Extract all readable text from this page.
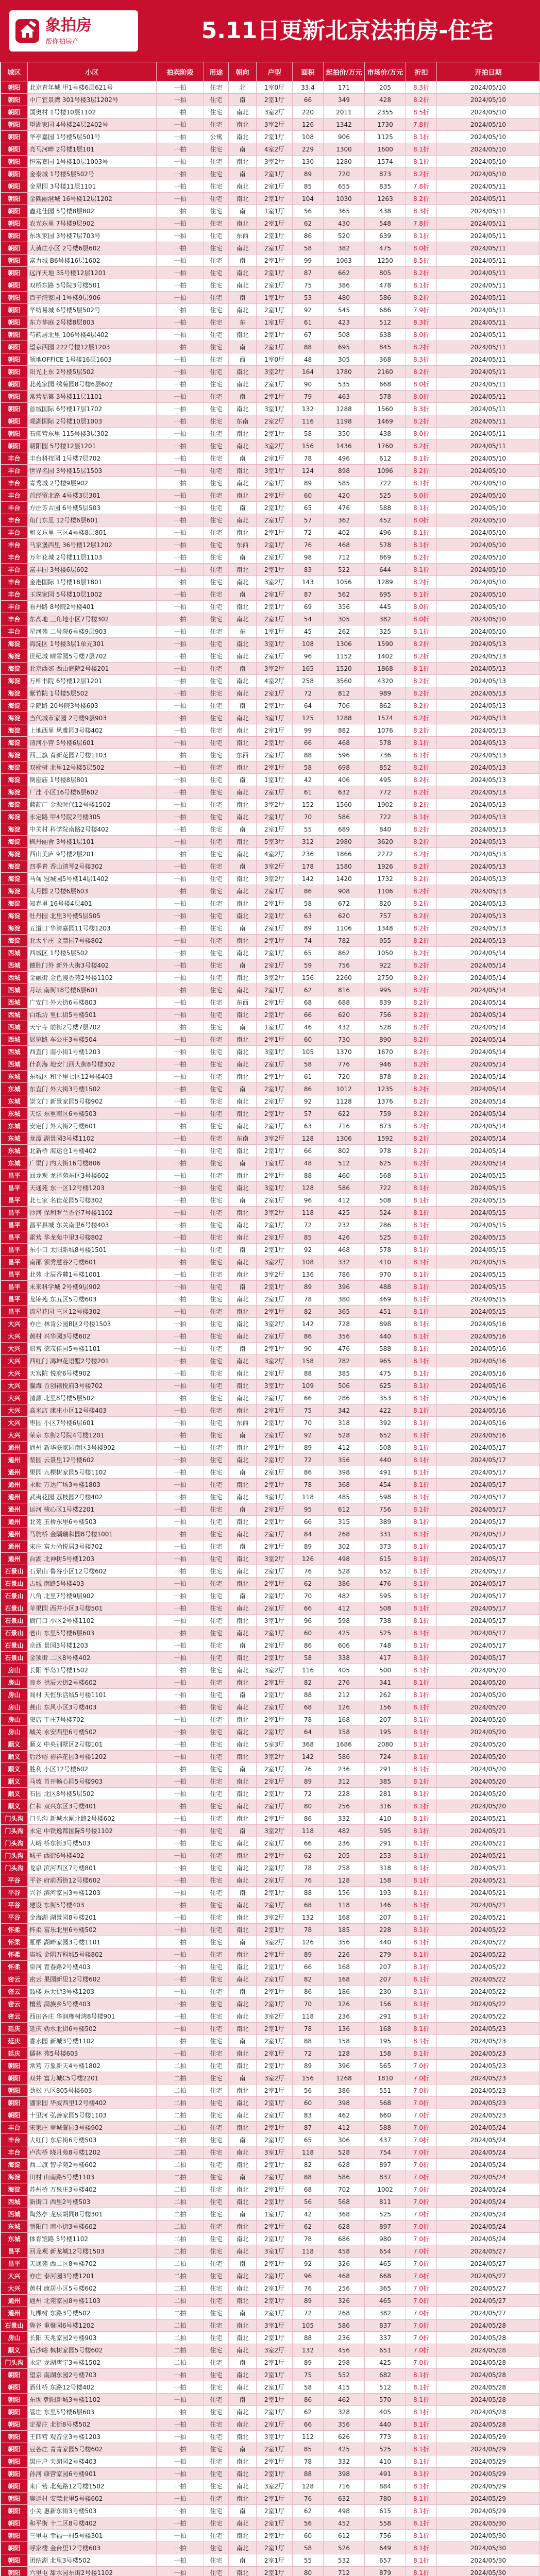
象拍房
帮你拍房产	5.11日更新北京法拍房-住宅
城区	小区	拍卖阶段	用途	朝向	户型	面积	起拍价/万元	市场价/万元	折扣	开拍日期
朝阳	北京青年城 甲1号楼6层621号	一拍	住宅	北	1室0厅	33.4	171	205	8.3折	2024/05/10
朝阳	中广宜景湾 301号楼3层1202号	一拍	住宅	南	2室1厅	66	349	428	8.2折	2024/05/10
朝阳	国奥村 1号楼10层1102	一拍	住宅	南北	3室2厅	220	2011	2355	8.5折	2024/05/10
朝阳	望湖家园 4号楼24层2402号	一拍	住宅	南北	3室2厅	126	1342	1730	7.8折	2024/05/10
朝阳	华亭嘉园 1号楼5层501号	一拍	公寓	南北	2室1厅	108	906	1125	8.1折	2024/05/10
朝阳	亮马河畔 2号楼1层101	一拍	住宅	南	4室2厅	229	1300	1600	8.1折	2024/05/10
朝阳	恒富嘉园 1号楼10层1003号	一拍	住宅	南北	3室2厅	130	1280	1574	8.1折	2024/05/10
朝阳	金泰城 1号楼5层502号	一拍	住宅	南	2室1厅	89	720	873	8.2折	2024/05/10
朝阳	金星园 3号楼11层1101	一拍	住宅	南北	2室1厅	85	655	835	7.8折	2024/05/11
朝阳	金隅丽港城 16号楼12层1202	一拍	住宅	南北	2室1厅	104	1030	1263	8.2折	2024/05/11
朝阳	鑫兆佳园 5号楼8层802	一拍	住宅	南	1室1厅	56	365	438	8.3折	2024/05/11
朝阳	农光东里 7号楼9层902	一拍	住宅	南北	2室1厅	62	430	548	7.8折	2024/05/11
朝阳	东坝家园 3号楼7层703号	一拍	住宅	东西	2室1厅	86	520	639	8.1折	2024/05/11
朝阳	大黄庄小区 2号楼6层602	一拍	住宅	南北	2室1厅	58	382	475	8.0折	2024/05/11
朝阳	富力城 B6号楼16层1602	一拍	住宅	南	2室1厅	99	1063	1250	8.5折	2024/05/11
朝阳	远洋天地 35号楼12层1201	一拍	住宅	南北	2室1厅	87	662	805	8.2折	2024/05/11
朝阳	双桥东路 5号院3号楼501	一拍	住宅	南北	2室1厅	75	386	478	8.1折	2024/05/11
朝阳	百子湾家园 1号楼9层906	一拍	住宅	南	1室1厅	53	480	586	8.2折	2024/05/11
朝阳	华纺易城 6号楼5层502号	一拍	住宅	南北	2室1厅	92	545	686	7.9折	2024/05/11
朝阳	东方华庭 2号楼8层803	一拍	住宅	东	1室1厅	61	423	512	8.3折	2024/05/11
朝阳	芍药居北里 106号楼4层402	一拍	住宅	南北	2室1厅	67	508	638	8.0折	2024/05/11
朝阳	望京西园 222号楼12层1203	一拍	住宅	南	2室1厅	88	695	845	8.2折	2024/05/11
朝阳	领地OFFICE 1号楼16层1603	一拍	住宅	西	1室0厅	48	305	368	8.3折	2024/05/11
朝阳	阳光上东 2号楼5层502	一拍	住宅	南北	3室2厅	164	1780	2160	8.2折	2024/05/11
朝阳	北苑家园 绣菊园8号楼6层602	一拍	住宅	南北	2室1厅	90	535	668	8.0折	2024/05/11
朝阳	常营福第 3号楼11层1101	一拍	住宅	南	2室1厅	79	463	578	8.0折	2024/05/11
朝阳	首城国际 6号楼17层1702	一拍	住宅	南北	3室1厅	132	1288	1560	8.3折	2024/05/11
朝阳	观湖国际 2号楼10层1003	一拍	住宅	东南	2室2厅	116	1198	1469	8.2折	2024/05/11
朝阳	石佛营东里 115号楼3层302	一拍	住宅	南北	2室1厅	58	350	438	8.0折	2024/05/11
朝阳	朝阳园 5号楼12层1201	一拍	住宅	南北	3室2厅	156	1436	1760	8.2折	2024/05/11
丰台	丰台科技园 1号楼7层702	一拍	住宅	南	2室1厅	78	496	612	8.1折	2024/05/10
丰台	世界名园 3号楼15层1503	一拍	住宅	南北	3室1厅	124	898	1096	8.2折	2024/05/10
丰台	青秀城 2号楼9层902	一拍	住宅	南北	2室1厅	89	585	722	8.1折	2024/05/10
丰台	首经贸北路 4号楼3层301	一拍	住宅	南北	2室1厅	60	420	525	8.0折	2024/05/10
丰台	方庄芳古园 6号楼5层503	一拍	住宅	南	2室1厅	65	476	588	8.1折	2024/05/10
丰台	角门东里 12号楼6层601	一拍	住宅	南北	2室1厅	57	362	452	8.0折	2024/05/10
丰台	和义东里 三区4号楼8层801	一拍	住宅	南北	2室1厅	72	402	496	8.1折	2024/05/10
丰台	马家堡西里 36号楼12层1202	一拍	住宅	东西	2室1厅	76	468	578	8.1折	2024/05/10
丰台	万年花城 2号楼11层1103	一拍	住宅	南	2室1厅	98	712	869	8.2折	2024/05/10
丰台	富丰园 3号楼6层602	一拍	住宅	南北	2室1厅	83	522	644	8.1折	2024/05/10
丰台	金港国际 1号楼18层1801	一拍	住宅	南北	3室2厅	143	1056	1289	8.2折	2024/05/10
丰台	玉璞家园 5号楼10层1002	一拍	住宅	南	2室1厅	87	562	695	8.1折	2024/05/10
丰台	看丹路 8号院2号楼401	一拍	住宅	南北	2室1厅	69	356	445	8.0折	2024/05/10
丰台	东高地 三角地小区7号楼302	一拍	住宅	南北	2室1厅	54	305	382	8.0折	2024/05/10
丰台	星河苑 二号院6号楼9层903	一拍	住宅	东	1室1厅	45	262	325	8.1折	2024/05/10
海淀	海淀区 1号楼3层1单元301	一拍	住宅	南北	3室1厅	108	1306	1590	8.2折	2024/05/13
海淀	世纪城 晴雪园5号楼7层702	一拍	住宅	南北	2室1厅	96	1152	1402	8.2折	2024/05/13
海淀	北京西郊 西山庭院2号楼201	一拍	住宅	南	3室2厅	165	1520	1868	8.1折	2024/05/13
海淀	万柳书院 6号楼12层1201	一拍	住宅	南北	4室2厅	258	3560	4320	8.2折	2024/05/13
海淀	紫竹院 1号楼5层502	一拍	住宅	南北	2室1厅	72	812	989	8.2折	2024/05/13
海淀	学院路 20号院3号楼603	一拍	住宅	南	2室1厅	64	706	862	8.2折	2024/05/13
海淀	当代城市家园 2号楼9层903	一拍	住宅	南北	3室1厅	125	1288	1574	8.2折	2024/05/13
海淀	上地西里 风雅园3号楼402	一拍	住宅	南北	2室1厅	99	882	1076	8.2折	2024/05/13
海淀	清河小营 5号楼6层601	一拍	住宅	南北	2室1厅	66	468	578	8.1折	2024/05/13
海淀	西三旗 育新花园7号楼1103	一拍	住宅	东西	2室1厅	88	596	736	8.1折	2024/05/13
海淀	双榆树 北里12号楼5层502	一拍	住宅	南北	2室1厅	58	698	852	8.2折	2024/05/13
海淀	倒座庙 1号楼8层801	一拍	住宅	南	1室1厅	42	406	495	8.2折	2024/05/13
海淀	厂洼 小区16号楼6层602	一拍	住宅	南北	2室1厅	61	632	772	8.2折	2024/05/13
海淀	蓝靛厂 金源时代12号楼1502	一拍	住宅	南北	3室2厅	152	1560	1902	8.2折	2024/05/13
海淀	永定路 甲4号院2号楼305	一拍	住宅	南北	2室1厅	70	586	722	8.1折	2024/05/13
海淀	中关村 科学院南路2号楼402	一拍	住宅	南	2室1厅	55	689	840	8.2折	2024/05/13
海淀	枫丹丽舍 3号楼1层101	一拍	住宅	南北	5室3厅	312	2980	3620	8.2折	2024/05/13
海淀	西山美庐 9号楼2层201	一拍	住宅	南北	4室2厅	236	1866	2272	8.2折	2024/05/13
海淀	四季青 香山清琴2号楼302	一拍	住宅	南	3室2厅	178	1580	1926	8.2折	2024/05/13
海淀	马甸 冠城园5号楼14层1402	一拍	住宅	南北	3室2厅	142	1420	1732	8.2折	2024/05/13
海淀	太月园 2号楼6层603	一拍	住宅	南北	2室1厅	86	908	1106	8.2折	2024/05/13
海淀	知春里 16号楼4层401	一拍	住宅	南北	2室1厅	58	672	820	8.2折	2024/05/13
海淀	牡丹园 北里3号楼5层505	一拍	住宅	南北	2室1厅	63	620	757	8.2折	2024/05/13
海淀	五道口 华清嘉园11号楼1203	一拍	住宅	南	2室1厅	89	1106	1348	8.2折	2024/05/13
海淀	北太平庄 文慧园7号楼802	一拍	住宅	南北	2室1厅	74	782	955	8.2折	2024/05/13
西城	西城区 1号楼5层502	一拍	住宅	南北	2室1厅	65	862	1050	8.2折	2024/05/14
西城	德胜门外 新外大街3号楼402	一拍	住宅	南	2室1厅	59	756	922	8.2折	2024/05/14
西城	金融街 金色漫香苑2号楼1102	一拍	住宅	南北	3室2厅	156	2260	2750	8.2折	2024/05/14
西城	月坛 南街18号楼6层601	一拍	住宅	南北	2室1厅	62	816	995	8.2折	2024/05/14
西城	广安门 外大街6号楼803	一拍	住宅	东西	2室1厅	68	688	839	8.2折	2024/05/14
西城	白纸坊 里仁街5号楼501	一拍	住宅	南北	2室1厅	66	620	756	8.2折	2024/05/14
西城	天宁寺 前街2号楼7层702	一拍	住宅	南	1室1厅	46	432	528	8.2折	2024/05/14
西城	展览路 车公庄3号楼504	一拍	住宅	南北	2室1厅	60	730	890	8.2折	2024/05/14
西城	西直门 南小街1号楼1203	一拍	住宅	南北	3室1厅	105	1370	1670	8.2折	2024/05/14
西城	什刹海 地安门西大街8号楼302	一拍	住宅	南北	2室1厅	58	776	946	8.2折	2024/05/14
东城	东城区 和平里七区12号楼403	一拍	住宅	南北	2室1厅	61	720	878	8.2折	2024/05/14
东城	东直门 外大街3号楼1502	一拍	住宅	南	2室1厅	86	1012	1235	8.2折	2024/05/14
东城	崇文门 新景家园5号楼902	一拍	住宅	南北	2室1厅	92	1128	1376	8.2折	2024/05/14
东城	天坛 东里南区6号楼503	一拍	住宅	南北	2室1厅	57	622	759	8.2折	2024/05/14
东城	安定门 外大街2号楼601	一拍	住宅	南北	2室1厅	63	716	873	8.2折	2024/05/14
东城	龙潭 湖景园3号楼1102	一拍	住宅	东南	3室2厅	128	1306	1592	8.2折	2024/05/14
东城	北新桥 海运仓1号楼402	一拍	住宅	南北	2室1厅	66	802	978	8.2折	2024/05/14
东城	广渠门 内大街16号楼806	一拍	住宅	南	1室1厅	48	512	625	8.2折	2024/05/14
昌平	回龙观 龙泽苑东区3号楼602	一拍	住宅	南北	2室1厅	88	460	568	8.1折	2024/05/15
昌平	天通苑 东一区12号楼1203	一拍	住宅	南北	3室1厅	128	586	722	8.1折	2024/05/15
昌平	北七家 名佳花园5号楼302	一拍	住宅	南	2室1厅	96	412	508	8.1折	2024/05/15
昌平	沙河 保利罗兰香谷7号楼1102	一拍	住宅	南北	3室2厅	118	425	524	8.1折	2024/05/15
昌平	昌平县城 东关南里6号楼403	一拍	住宅	南北	2室1厅	72	232	286	8.1折	2024/05/15
昌平	霍营 华龙苑中里3号楼802	一拍	住宅	南北	2室1厅	85	426	525	8.1折	2024/05/15
昌平	东小口 太阳新城8号楼1501	一拍	住宅	南	2室1厅	92	468	578	8.1折	2024/05/15
昌平	南邵 领秀慧谷2号楼601	一拍	住宅	南北	3室2厅	108	332	410	8.1折	2024/05/15
昌平	北苑 北辰香麓1号楼1001	一拍	住宅	南北	3室2厅	136	786	970	8.1折	2024/05/15
昌平	未来科学城 2号楼9层902	一拍	住宅	南	2室1厅	89	396	488	8.1折	2024/05/15
昌平	龙锦苑 东五区5号楼603	一拍	住宅	南北	2室1厅	78	380	469	8.1折	2024/05/15
昌平	流星花园 三区12号楼302	一拍	住宅	南北	2室1厅	82	365	451	8.1折	2024/05/15
大兴	亦庄 林肯公园B区2号楼1503	一拍	住宅	南北	3室2厅	142	728	898	8.1折	2024/05/16
大兴	黄村 兴华园3号楼602	一拍	住宅	南北	2室1厅	86	356	440	8.1折	2024/05/16
大兴	旧宫 德茂佳园5号楼1101	一拍	住宅	南	2室1厅	90	476	588	8.1折	2024/05/16
大兴	西红门 鸿坤花语墅2号楼201	一拍	住宅	南北	3室2厅	158	782	965	8.1折	2024/05/16
大兴	天宫院 悦府6号楼902	一拍	住宅	南北	2室1厅	88	385	475	8.1折	2024/05/16
大兴	瀛海 首创禧悦府3号楼702	一拍	住宅	南北	3室1厅	109	506	625	8.1折	2024/05/16
大兴	清源 北里8号楼5层502	一拍	住宅	南北	2室1厅	66	286	353	8.1折	2024/05/16
大兴	高米店 康庄小区12号楼403	一拍	住宅	南北	2室1厅	75	342	422	8.1折	2024/05/16
大兴	枣园 小区7号楼6层601	一拍	住宅	东西	2室1厅	70	318	392	8.1折	2024/05/16
大兴	荣京 东街2号院4号楼1201	一拍	住宅	南	2室1厅	92	528	652	8.1折	2024/05/16
通州	通州 新华联家园南区3号楼902	一拍	住宅	南北	2室1厅	89	412	508	8.1折	2024/05/17
通州	梨园 云景里12号楼602	一拍	住宅	南北	2室1厅	72	356	440	8.1折	2024/05/17
通州	果园 九棵树家园5号楼1102	一拍	住宅	南	2室1厅	86	398	491	8.1折	2024/05/17
通州	永顺 万达广场3号楼1803	一拍	住宅	南北	2室1厅	78	368	454	8.1折	2024/05/17
通州	武夷花园 荔枝园2号楼402	一拍	住宅	南北	3室1厅	118	485	598	8.1折	2024/05/17
通州	运河 核心区1号楼2201	一拍	住宅	南	2室1厅	95	612	756	8.1折	2024/05/17
通州	北苑 玉桥东里6号楼503	一拍	住宅	南北	2室1厅	66	315	389	8.1折	2024/05/17
通州	马驹桥 金隅瑞和园8号楼1001	一拍	住宅	南北	2室1厅	84	268	331	8.1折	2024/05/17
通州	宋庄 富力尚悦居3号楼702	一拍	住宅	南	2室1厅	89	302	373	8.1折	2024/05/17
通州	台湖 北神树5号楼1203	一拍	住宅	南北	3室2厅	126	498	615	8.1折	2024/05/17
石景山	石景山 鲁谷小区12号楼602	一拍	住宅	南北	2室1厅	76	528	652	8.1折	2024/05/17
石景山	古城 南路5号楼403	一拍	住宅	南北	2室1厅	62	386	476	8.1折	2024/05/17
石景山	八角 北里7号楼9层902	一拍	住宅	南	2室1厅	70	482	595	8.1折	2024/05/17
石景山	苹果园 西井小区3号楼501	一拍	住宅	南北	2室1厅	66	412	508	8.1折	2024/05/17
石景山	衙门口 小区2号楼1102	一拍	住宅	南北	3室1厅	96	598	738	8.1折	2024/05/17
石景山	老山 东里5号楼6层603	一拍	住宅	南北	2室1厅	60	425	525	8.1折	2024/05/17
石景山	京西 景园3号楼1203	一拍	住宅	南	2室1厅	86	606	748	8.1折	2024/05/17
石景山	金顶街 二区8号楼402	一拍	住宅	南北	2室1厅	58	338	417	8.1折	2024/05/17
房山	长阳 半岛1号楼1502	一拍	住宅	南北	3室2厅	116	405	500	8.1折	2024/05/20
房山	良乡 拱辰大街2号楼602	一拍	住宅	南北	2室1厅	82	276	341	8.1折	2024/05/20
房山	阎村 天恒乐活城5号楼1101	一拍	住宅	南	2室1厅	88	212	262	8.1折	2024/05/20
房山	燕山 东风小区3号楼403	一拍	住宅	南北	2室1厅	68	126	156	8.1折	2024/05/20
房山	窦店 于庄7号楼702	一拍	住宅	南北	2室1厅	78	168	207	8.1折	2024/05/20
房山	城关 永安西里6号楼502	一拍	住宅	南北	2室1厅	64	158	195	8.1折	2024/05/20
顺义	顺义 中央别墅区2号楼101	一拍	住宅	南北	5室3厅	368	1686	2080	8.1折	2024/05/20
顺义	后沙峪 裕祥花园3号楼1202	一拍	住宅	南北	3室2厅	142	586	724	8.1折	2024/05/20
顺义	胜利 小区12号楼602	一拍	住宅	南	2室1厅	76	236	291	8.1折	2024/05/20
顺义	马坡 首开畅心园5号楼903	一拍	住宅	南北	2室1厅	89	312	385	8.1折	2024/05/20
顺义	石园 北区8号楼5层502	一拍	住宅	南北	2室1厅	72	228	281	8.1折	2024/05/20
顺义	仁和 双兴东区3号楼401	一拍	住宅	南北	2室1厅	80	256	316	8.1折	2024/05/20
门头沟	门头沟 新城水闸北路2号楼602	一拍	住宅	南北	2室1厅	86	332	410	8.1折	2024/05/21
门头沟	永定 中铁逸都国际5号楼1102	一拍	住宅	南	3室2厅	118	482	595	8.1折	2024/05/21
门头沟	大峪 桥东街3号楼503	一拍	住宅	南北	2室1厅	66	236	291	8.1折	2024/05/21
门头沟	城子 西街6号楼402	一拍	住宅	南北	2室1厅	62	205	253	8.1折	2024/05/21
门头沟	龙泉 滨河西区7号楼801	一拍	住宅	南北	2室1厅	78	258	318	8.1折	2024/05/21
平谷	平谷 府前西街12号楼602	一拍	住宅	南北	2室1厅	76	128	158	8.1折	2024/05/21
平谷	兴谷 滨河家园3号楼1203	一拍	住宅	南	2室1厅	88	156	193	8.1折	2024/05/21
平谷	建设 东街5号楼403	一拍	住宅	南北	2室1厅	68	118	146	8.1折	2024/05/21
平谷	金海湖 湖景园8号楼201	一拍	住宅	南北	3室2厅	132	168	207	8.1折	2024/05/21
怀柔	怀柔 富乐北里6号楼502	一拍	住宅	南北	2室1厅	78	185	228	8.1折	2024/05/22
怀柔	雁栖 湖畔家园3号楼1101	一拍	住宅	南	3室2厅	126	356	440	8.1折	2024/05/22
怀柔	庙城 金隅万科城5号楼802	一拍	住宅	南北	2室1厅	89	226	279	8.1折	2024/05/22
怀柔	泉河 青春路2号楼403	一拍	住宅	南北	2室1厅	66	168	207	8.1折	2024/05/22
密云	密云 果园新里12号楼602	一拍	住宅	南北	2室1厅	82	168	207	8.1折	2024/05/22
密云	鼓楼 东大街3号楼1203	一拍	住宅	南	2室1厅	86	186	230	8.1折	2024/05/22
密云	檀营 满族乡5号楼403	一拍	住宅	南北	2室1厅	70	126	156	8.1折	2024/05/22
密云	西田各庄 华润橡树湾8号楼901	一拍	住宅	南北	3室2厅	118	236	291	8.1折	2024/05/22
延庆	延庆 妫水北街6号楼502	一拍	住宅	南北	2室1厅	78	136	168	8.1折	2024/05/23
延庆	香水园 新城3号楼1102	一拍	住宅	南	2室1厅	88	158	195	8.1折	2024/05/23
延庆	儒林 苑5号楼603	一拍	住宅	南北	2室1厅	72	128	158	8.1折	2024/05/23
朝阳	常营 万象新天4号楼1802	二拍	住宅	南北	2室1厅	89	396	565	7.0折	2024/05/23
朝阳	双井 富力城C5号楼2201	二拍	住宅	南	3室2厅	156	1268	1810	7.0折	2024/05/23
朝阳	劲松 八区805号楼603	二拍	住宅	南北	2室1厅	56	386	551	7.0折	2024/05/23
朝阳	潘家园 华威西里12号楼402	二拍	住宅	南北	2室1厅	60	398	568	7.0折	2024/05/23
朝阳	十里河 弘善家园5号楼1103	二拍	住宅	南北	2室1厅	83	462	660	7.0折	2024/05/23
丰台	宋家庄 翠城馨园3号楼902	二拍	住宅	南北	2室1厅	87	412	588	7.0折	2024/05/24
丰台	大红门 东后街6号楼503	二拍	住宅	南	2室1厅	65	306	437	7.0折	2024/05/24
丰台	卢沟桥 晓月苑8号楼1202	二拍	住宅	南北	3室1厅	118	528	754	7.0折	2024/05/24
海淀	西二旗 智学苑2号楼602	二拍	住宅	南北	2室1厅	82	628	897	7.0折	2024/05/24
海淀	田村 山南路5号楼1103	二拍	住宅	南	2室1厅	88	586	837	7.0折	2024/05/24
海淀	苏州桥 万泉庄3号楼402	二拍	住宅	南北	2室1厅	68	702	1002	7.0折	2024/05/24
西城	新街口 西里2号楼503	二拍	住宅	南北	2室1厅	56	568	811	7.0折	2024/05/24
西城	陶然亭 龙泉胡同8号楼301	二拍	住宅	南	1室1厅	42	368	525	7.0折	2024/05/24
东城	朝阳门 南小街3号楼602	二拍	住宅	南北	2室1厅	62	628	897	7.0折	2024/05/24
东城	体育馆路 5号楼1102	二拍	住宅	南北	2室1厅	78	686	980	7.0折	2024/05/24
昌平	回龙观 新龙城12号楼1503	二拍	住宅	南北	3室1厅	118	458	654	7.0折	2024/05/27
昌平	天通苑 西二区8号楼702	二拍	住宅	南	2室1厅	92	326	465	7.0折	2024/05/27
大兴	亦庄 泰河园3号楼1201	二拍	住宅	南北	2室1厅	96	468	668	7.0折	2024/05/27
大兴	黄村 康居小区5号楼602	二拍	住宅	南北	2室1厅	76	256	365	7.0折	2024/05/27
通州	通州 北苑家园8号楼1103	二拍	住宅	南北	2室1厅	89	326	465	7.0折	2024/05/27
通州	九棵树 东路3号楼502	二拍	住宅	南	2室1厅	72	268	382	7.0折	2024/05/27
石景山	鲁谷 重聚园6号楼1202	二拍	住宅	南北	3室1厅	105	586	837	7.0折	2024/05/28
房山	长阳 天兆家园2号楼903	二拍	住宅	南北	2室1厅	88	236	337	7.0折	2024/05/28
顺义	后沙峪 枫树家园5号楼602	二拍	住宅	南北	3室2厅	132	456	651	7.0折	2024/05/28
门头沟	永定 龙湖唐宁3号楼1502	二拍	住宅	南	2室1厅	89	298	425	7.0折	2024/05/28
朝阳	望京 南湖东园2号楼703	一拍	住宅	南北	2室1厅	75	552	682	8.1折	2024/05/28
朝阳	酒仙桥 东路12号楼402	一拍	住宅	南北	2室1厅	58	415	512	8.1折	2024/05/28
朝阳	东坝 朝阳新城3号楼1102	一拍	住宅	南	2室1厅	86	462	570	8.1折	2024/05/28
朝阳	管庄 东里5号楼6层603	一拍	住宅	南北	2室1厅	62	328	405	8.1折	2024/05/28
朝阳	定福庄 北街8号楼502	一拍	住宅	南北	2室1厅	66	356	440	8.1折	2024/05/28
朝阳	王四营 观音堂3号楼1203	一拍	住宅	南北	3室1厅	112	626	773	8.1折	2024/05/29
朝阳	豆各庄 青青家园5号楼602	一拍	住宅	南	2室1厅	85	425	525	8.1折	2024/05/29
朝阳	黑庄户 天朗园2号楼403	一拍	住宅	南北	2室1厅	78	332	410	8.1折	2024/05/29
朝阳	孙河 康营家园6号楼901	一拍	住宅	南北	2室1厅	88	398	491	8.1折	2024/05/29
朝阳	来广营 北苑路12号楼1502	一拍	住宅	南北	3室2厅	128	716	884	8.1折	2024/05/29
朝阳	奥运村 安慧北里5号楼602	一拍	住宅	南北	2室1厅	76	632	780	8.1折	2024/05/29
朝阳	小关 惠新东街3号楼503	一拍	住宅	南	2室1厅	62	498	615	8.1折	2024/05/29
朝阳	和平街 十二区8号楼402	一拍	住宅	南北	2室1厅	56	452	558	8.1折	2024/05/30
朝阳	三里屯 幸福一村5号楼301	一拍	住宅	南北	2室1厅	60	612	756	8.1折	2024/05/30
朝阳	呼家楼 金台里12号楼603	一拍	住宅	南北	2室1厅	58	526	649	8.1折	2024/05/30
朝阳	团结湖 北里3号楼502	一拍	住宅	南	2室1厅	55	532	657	8.1折	2024/05/30
朝阳	六里屯 甜水园东街2号楼1102	一拍	住宅	南北	2室1厅	80	712	879	8.1折	2024/05/30
